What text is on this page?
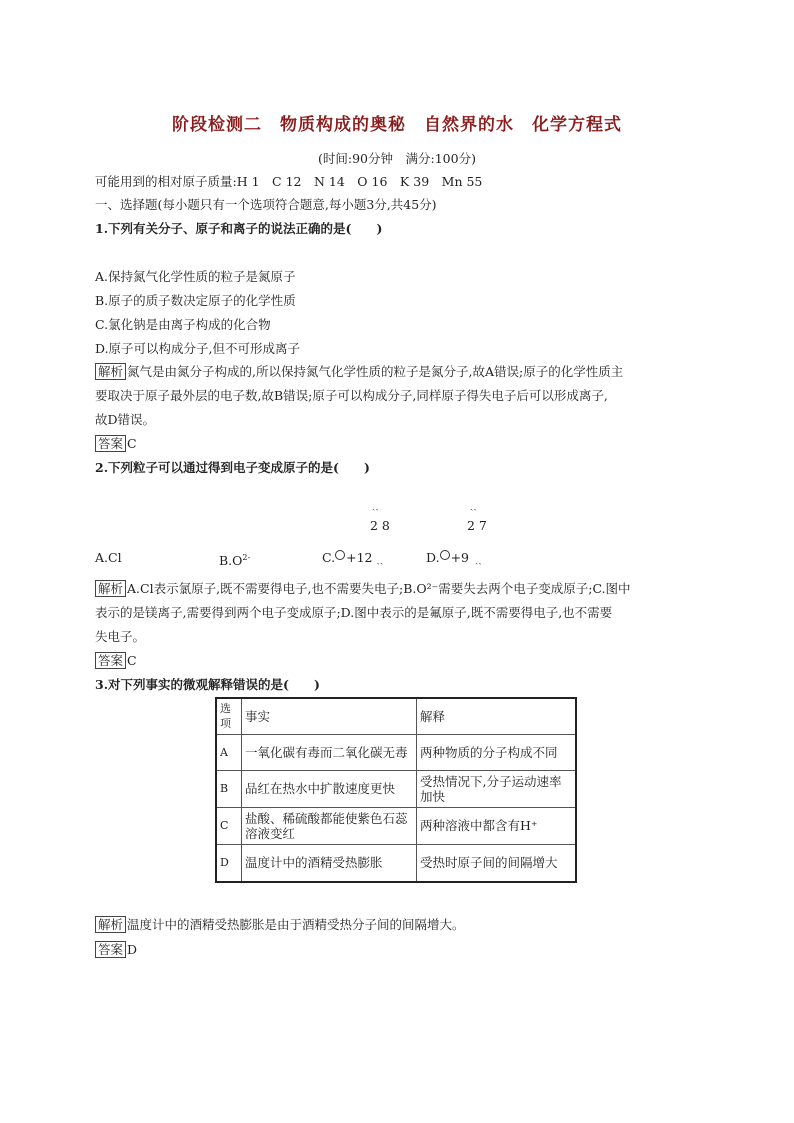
阶段检测二　物质构成的奥秘　自然界的水　化学方程式
(时间:90分钟　满分:100分)
可能用到的相对原子质量:H 1　C 12　N 14　O 16　K 39　Mn 55
一、选择题(每小题只有一个选项符合题意,每小题3分,共45分)
1.下列有关分子、原子和离子的说法正确的是(　　)
A.保持氮气化学性质的粒子是氮原子
B.原子的质子数决定原子的化学性质
C.氯化钠是由离子构成的化合物
D.原子可以构成分子,但不可形成离子
解析 氮气是由氮分子构成的,所以保持氮气化学性质的粒子是氮分子,故A错误;原子的化学性质主
要取决于原子最外层的电子数,故B错误;原子可以构成分子,同样原子得失电子后可以形成离子,
故D错误。
答案 C
2.下列粒子可以通过得到电子变成原子的是(　　)
ˎˎ	ˎˎ
2 8	2 7
A.Cl	$B.O^{2-}$	C. +12 ˏˏ	D. +9 ˏˏ
解析 A.Cl表示氯原子,既不需要得电子,也不需要失电子;B.O²⁻需要失去两个电子变成原子;C.图中
表示的是镁离子,需要得到两个电子变成原子;D.图中表示的是氟原子,既不需要得电子,也不需要
失电子。
答案 C
3.对下列事实的微观解释错误的是(　　)
选项	事实	解释
A	一氧化碳有毒而二氧化碳无毒	两种物质的分子构成不同
B	品红在热水中扩散速度更快	受热情况下,分子运动速率加快
C	盐酸、稀硫酸都能使紫色石蕊溶液变红	两种溶液中都含有H⁺
D	温度计中的酒精受热膨胀	受热时原子间的间隔增大
解析 温度计中的酒精受热膨胀是由于酒精受热分子间的间隔增大。
答案 D
